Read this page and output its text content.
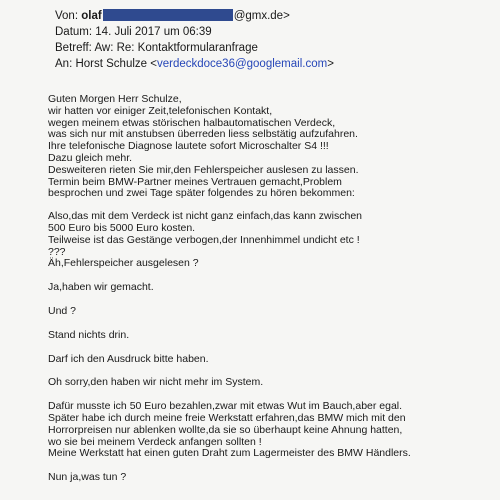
Von: olaf	@gmx.de>
Datum: 14. Juli 2017 um 06:39
Betreff: Aw: Re: Kontaktformularanfrage
An: Horst Schulze <verdeckdoce36@googlemail.com>
Guten Morgen Herr Schulze,
wir hatten vor einiger Zeit,telefonischen Kontakt,
wegen meinem etwas störischen halbautomatischen Verdeck,
was sich nur mit anstubsen überreden liess selbstätig aufzufahren.
Ihre telefonische Diagnose lautete sofort Microschalter S4 !!!
Dazu gleich mehr.
Desweiteren rieten Sie mir,den Fehlerspeicher auslesen zu lassen.
Termin beim BMW-Partner meines Vertrauen gemacht,Problem
besprochen und zwei Tage später folgendes zu hören bekommen:
Also,das mit dem Verdeck ist nicht ganz einfach,das kann zwischen
500 Euro bis 5000 Euro kosten.
Teilweise ist das Gestänge verbogen,der Innenhimmel undicht etc !
???
Äh,Fehlerspeicher ausgelesen ?
Ja,haben wir gemacht.
Und ?
Stand nichts drin.
Darf ich den Ausdruck bitte haben.
Oh sorry,den haben wir nicht mehr im System.
Dafür musste ich 50 Euro bezahlen,zwar mit etwas Wut im Bauch,aber egal.
Später habe ich durch meine freie Werkstatt erfahren,das BMW mich mit den
Horrorpreisen nur ablenken wollte,da sie so überhaupt keine Ahnung hatten,
wo sie bei meinem Verdeck anfangen sollten !
Meine Werkstatt hat einen guten Draht zum Lagermeister des BMW Händlers.
Nun ja,was tun ?
